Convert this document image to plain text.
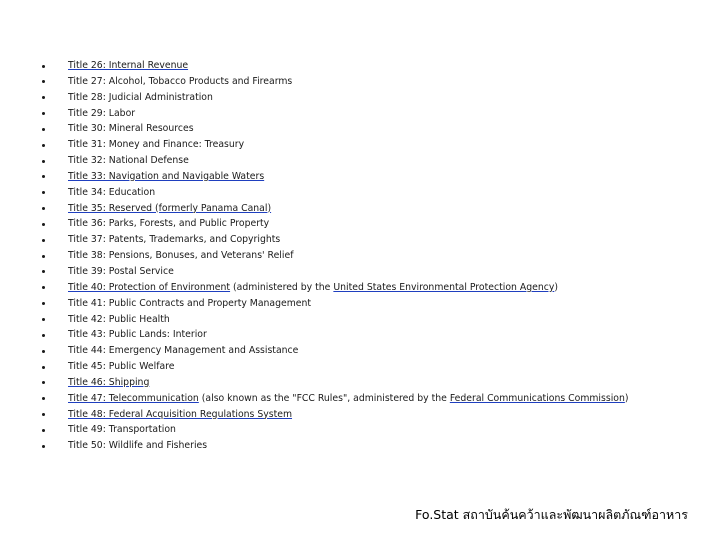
Title 26: Internal Revenue
Title 27: Alcohol, Tobacco Products and Firearms
Title 28: Judicial Administration
Title 29: Labor
Title 30: Mineral Resources
Title 31: Money and Finance: Treasury
Title 32: National Defense
Title 33: Navigation and Navigable Waters
Title 34: Education
Title 35: Reserved (formerly Panama Canal)
Title 36: Parks, Forests, and Public Property
Title 37: Patents, Trademarks, and Copyrights
Title 38: Pensions, Bonuses, and Veterans' Relief
Title 39: Postal Service
Title 40: Protection of Environment (administered by the United States Environmental Protection Agency)
Title 41: Public Contracts and Property Management
Title 42: Public Health
Title 43: Public Lands: Interior
Title 44: Emergency Management and Assistance
Title 45: Public Welfare
Title 46: Shipping
Title 47: Telecommunication (also known as the "FCC Rules", administered by the Federal Communications Commission)
Title 48: Federal Acquisition Regulations System
Title 49: Transportation
Title 50: Wildlife and Fisheries
Fo.Stat สถาบันค้นคว้าและพัฒนาผลิตภัณฑ์อาหาร
